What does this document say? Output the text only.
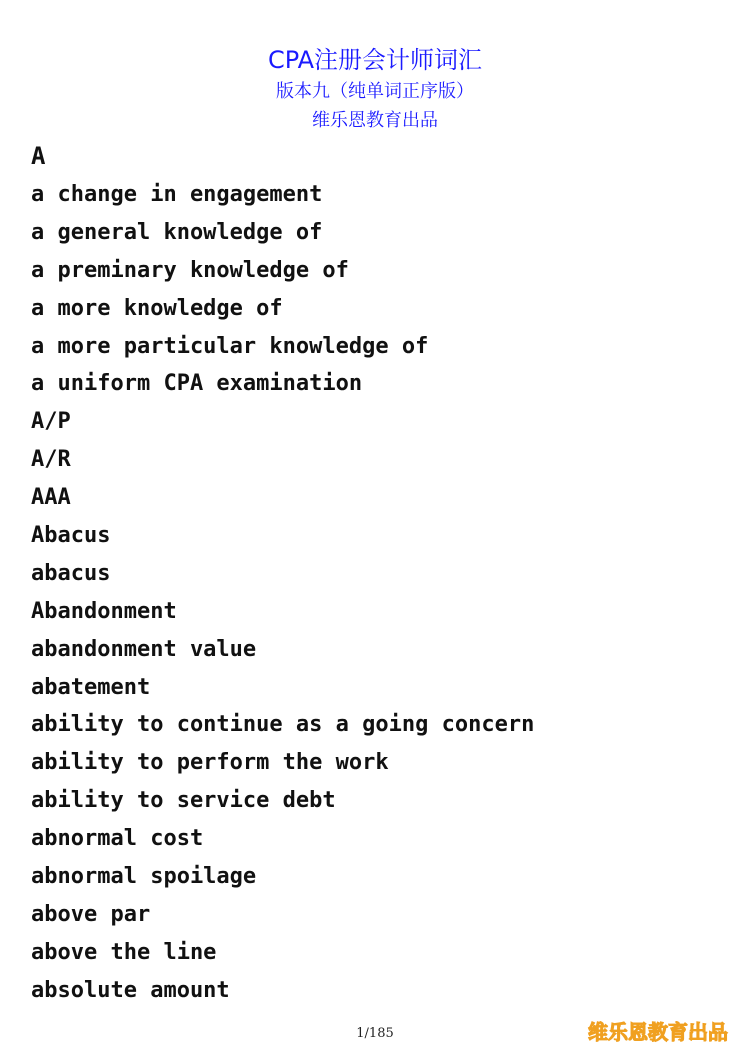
CPA注册会计师词汇
版本九（纯单词正序版）
维乐恩教育出品
A
a change in engagement
a general knowledge of
a preminary knowledge of
a more knowledge of
a more particular knowledge of
a uniform CPA examination
A/P
A/R
AAA
Abacus
abacus
Abandonment
abandonment value
abatement
ability to continue as a going concern
ability to perform the work
ability to service debt
abnormal cost
abnormal spoilage
above par
above the line
absolute amount
1/185	维乐恩教育出品
